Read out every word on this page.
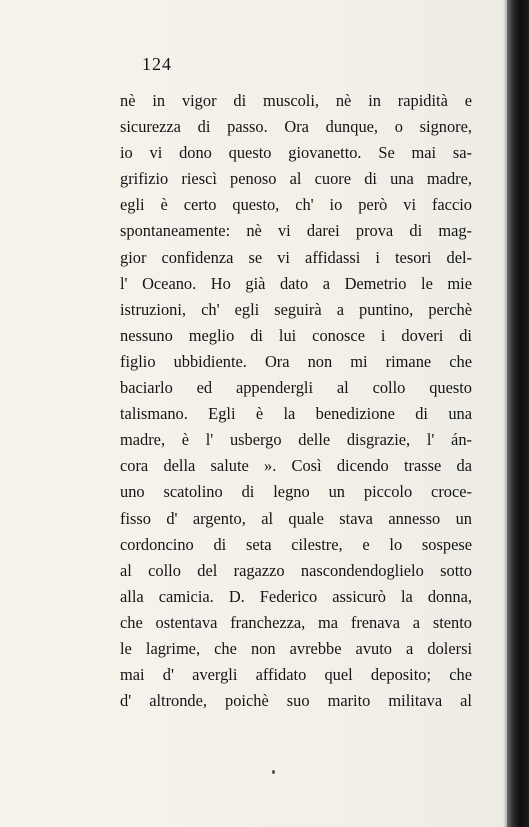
124
nè in vigor di muscoli, nè in rapidità e
sicurezza di passo. Ora dunque, o signore,
io vi dono questo giovanetto. Se mai sa-
grifizio riescì penoso al cuore di una madre,
egli è certo questo, ch' io però vi faccio
spontaneamente: nè vi darei prova di mag-
gior confidenza se vi affidassi i tesori del-
l' Oceano. Ho già dato a Demetrio le mie
istruzioni, ch' egli seguirà a puntino, perchè
nessuno meglio di lui conosce i doveri di
figlio ubbidiente. Ora non mi rimane che
baciarlo ed appendergli al collo questo
talismano. Egli è la benedizione di una
madre, è l' usbergo delle disgrazie, l' án-
cora della salute ». Così dicendo trasse da
uno scatolino di legno un piccolo croce-
fisso d' argento, al quale stava annesso un
cordoncino di seta cilestre, e lo sospese
al collo del ragazzo nascondendoglielo sotto
alla camicia. D. Federico assicurò la donna,
che ostentava franchezza, ma frenava a stento
le lagrime, che non avrebbe avuto a dolersi
mai d' avergli affidato quel deposito; che
d' altronde, poichè suo marito militava al
